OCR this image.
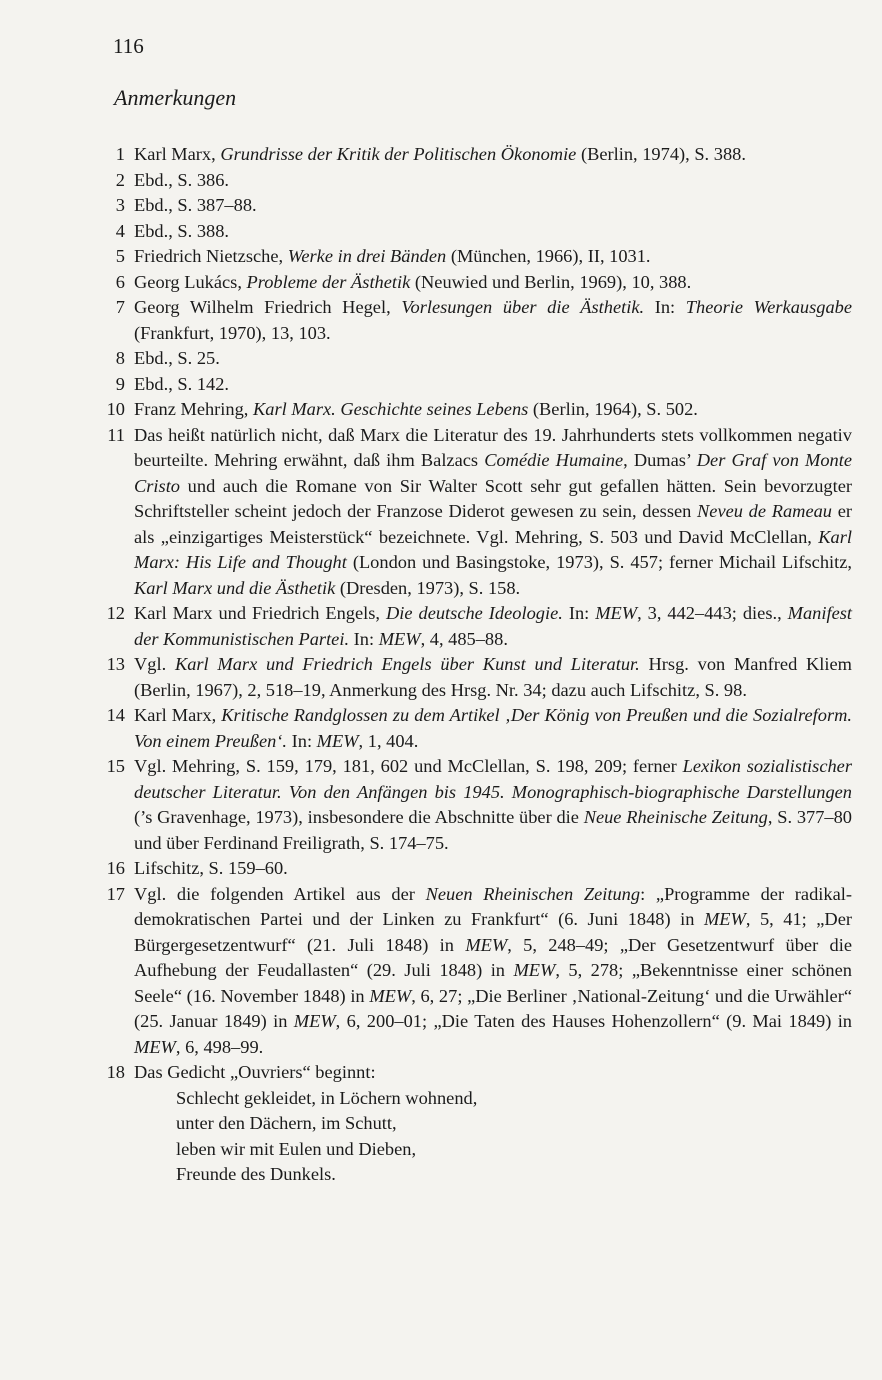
116
Anmerkungen
1 Karl Marx, Grundrisse der Kritik der Politischen Ökonomie (Berlin, 1974), S. 388.

2 Ebd., S. 386.

3 Ebd., S. 387–88.

4 Ebd., S. 388.

5 Friedrich Nietzsche, Werke in drei Bänden (München, 1966), II, 1031.

6 Georg Lukács, Probleme der Ästhetik (Neuwied und Berlin, 1969), 10, 388.

7 Georg Wilhelm Friedrich Hegel, Vorlesungen über die Ästhetik. In: Theorie Werkausgabe (Frankfurt, 1970), 13, 103.

8 Ebd., S. 25.

9 Ebd., S. 142.

10 Franz Mehring, Karl Marx. Geschichte seines Lebens (Berlin, 1964), S. 502.

11 Das heißt natürlich nicht, daß Marx die Literatur des 19. Jahrhunderts stets vollkommen negativ beurteilte. Mehring erwähnt, daß ihm Balzacs Comédie Humaine, Dumas’ Der Graf von Monte Cristo und auch die Romane von Sir Walter Scott sehr gut gefallen hätten. Sein bevorzugter Schriftsteller scheint jedoch der Franzose Diderot gewesen zu sein, dessen Neveu de Rameau er als „einzigartiges Meisterstück“ bezeichnete. Vgl. Mehring, S. 503 und David McClellan, Karl Marx: His Life and Thought (London und Basingstoke, 1973), S. 457; ferner Michail Lifschitz, Karl Marx und die Ästhetik (Dresden, 1973), S. 158.

12 Karl Marx und Friedrich Engels, Die deutsche Ideologie. In: MEW, 3, 442–443; dies., Manifest der Kommunistischen Partei. In: MEW, 4, 485–88.

13 Vgl. Karl Marx und Friedrich Engels über Kunst und Literatur. Hrsg. von Manfred Kliem (Berlin, 1967), 2, 518–19, Anmerkung des Hrsg. Nr. 34; dazu auch Lifschitz, S. 98.

14 Karl Marx, Kritische Randglossen zu dem Artikel ‚Der König von Preußen und die Sozialreform. Von einem Preußen‘. In: MEW, 1, 404.

15 Vgl. Mehring, S. 159, 179, 181, 602 und McClellan, S. 198, 209; ferner Lexikon sozialistischer deutscher Literatur. Von den Anfängen bis 1945. Monographisch-biographische Darstellungen (’s Gravenhage, 1973), insbesondere die Abschnitte über die Neue Rheinische Zeitung, S. 377–80 und über Ferdinand Freiligrath, S. 174–75.

16 Lifschitz, S. 159–60.

17 Vgl. die folgenden Artikel aus der Neuen Rheinischen Zeitung: „Programme der radikal-demokratischen Partei und der Linken zu Frankfurt“ (6. Juni 1848) in MEW, 5, 41; „Der Bürgergesetzentwurf“ (21. Juli 1848) in MEW, 5, 248–49; „Der Gesetzentwurf über die Aufhebung der Feudallasten“ (29. Juli 1848) in MEW, 5, 278; „Bekenntnisse einer schönen Seele“ (16. November 1848) in MEW, 6, 27; „Die Berliner ‚National-Zeitung‘ und die Urwähler“ (25. Januar 1849) in MEW, 6, 200–01; „Die Taten des Hauses Hohenzollern“ (9. Mai 1849) in MEW, 6, 498–99.

18 Das Gedicht „Ouvriers“ beginnt:

Schlecht gekleidet, in Löchern wohnend,
unter den Dächern, im Schutt,
leben wir mit Eulen und Dieben,
Freunde des Dunkels.
